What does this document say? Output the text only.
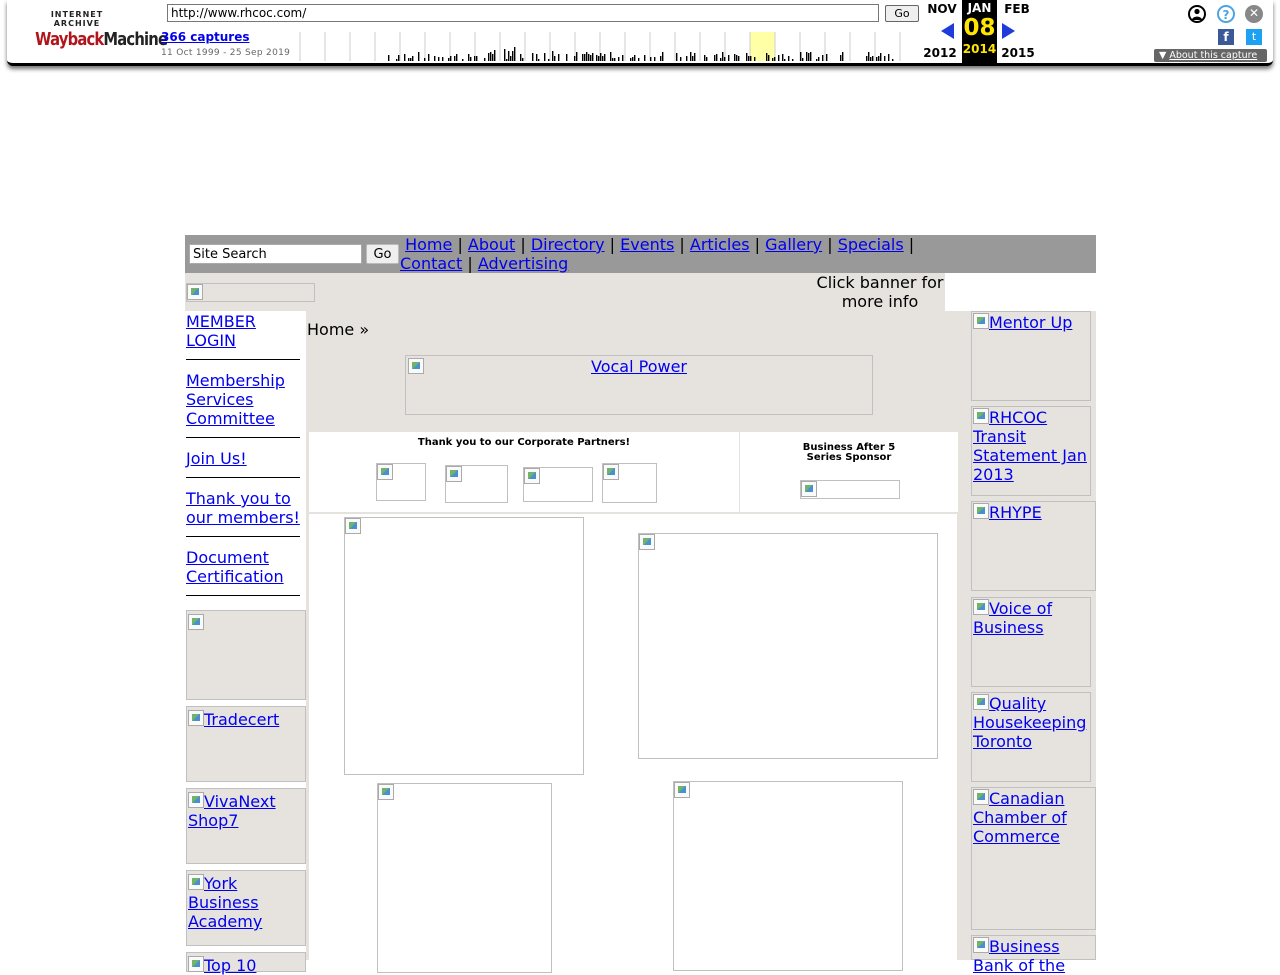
INTERNET ARCHIVE
WaybackMachine
http://www.rhcoc.com/
Go
366 captures
11 Oct 1999 - 25 Sep 2019
NOV JAN
08
2014
FEB
2012	2015
?	✕
f	t
▼ About this capture
Site Search
Go Home | About | Directory | Events | Articles | Gallery | Specials |
Contact | Advertising
Click banner for more info
MEMBER LOGIN
Membership Services Committee
Join Us!
Thank you to our members!
Document Certification
Tradecert
VivaNext Shop7
York Business Academy
Top 10
Home »
Vocal Power
Thank you to our Corporate Partners!	Business After 5
Series Sponsor
Mentor Up
RHCOC Transit Statement Jan 2013
RHYPE
Voice of Business
Quality Housekeeping Toronto
Canadian Chamber of Commerce
Business Bank of the
